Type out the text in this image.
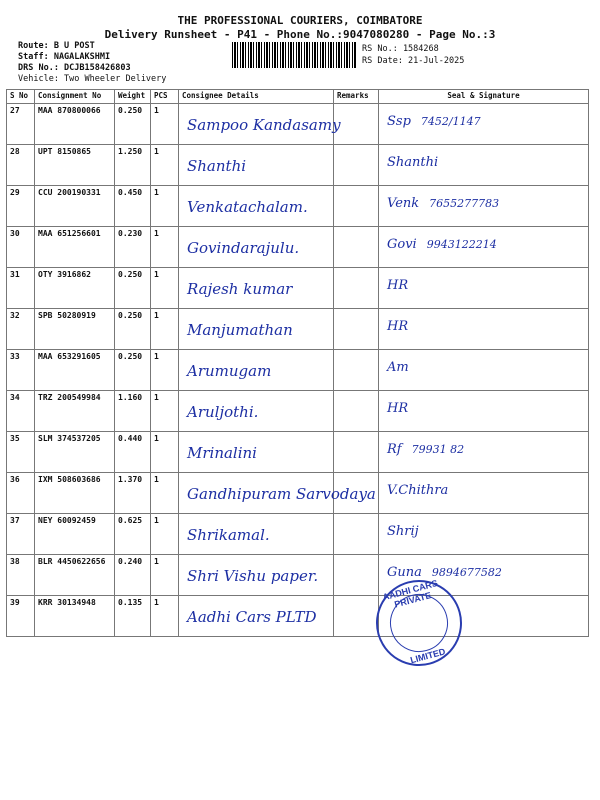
THE PROFESSIONAL COURIERS, COIMBATORE
Delivery Runsheet - P41 - Phone No.:9047080280 - Page No.:3
Route: B U POST
Staff: NAGALAKSHMI
DRS No.: DCJB158426803
Vehicle: Two Wheeler Delivery
RS No.: 1584268
RS Date: 21-Jul-2025
S No	Consignment No	Weight	PCS	Consignee Details	Remarks	Seal & Signature
27	MAA 870800066	0.250	1	Sampoo Kandasamy		Ssp 7452/1147

28	UPT 8150865	1.250	1	Shanthi		Shanthi

29	CCU 200190331	0.450	1	Venkatachalam.		Venk 7655277783

30	MAA 651256601	0.230	1	Govindarajulu.		Govi 9943122214

31	OTY 3916862	0.250	1	Rajesh kumar		HR

32	SPB 50280919	0.250	1	Manjumathan		HR

33	MAA 653291605	0.250	1	Arumugam		Am

34	TRZ 200549984	1.160	1	Aruljothi.		HR

35	SLM 374537205	0.440	1	Mrinalini		Rf 79931 82

36	IXM 508603686	1.370	1	Gandhipuram Sarvodaya		V.Chithra

37	NEY 60092459	0.625	1	Shrikamal.		Shrij

38	BLR 4450622656	0.240	1	Shri Vishu paper.		Guna 9894677582

39	KRR 30134948	0.135	1	Aadhi Cars PLTD		

AADHI CARS PRIVATE
LIMITED
